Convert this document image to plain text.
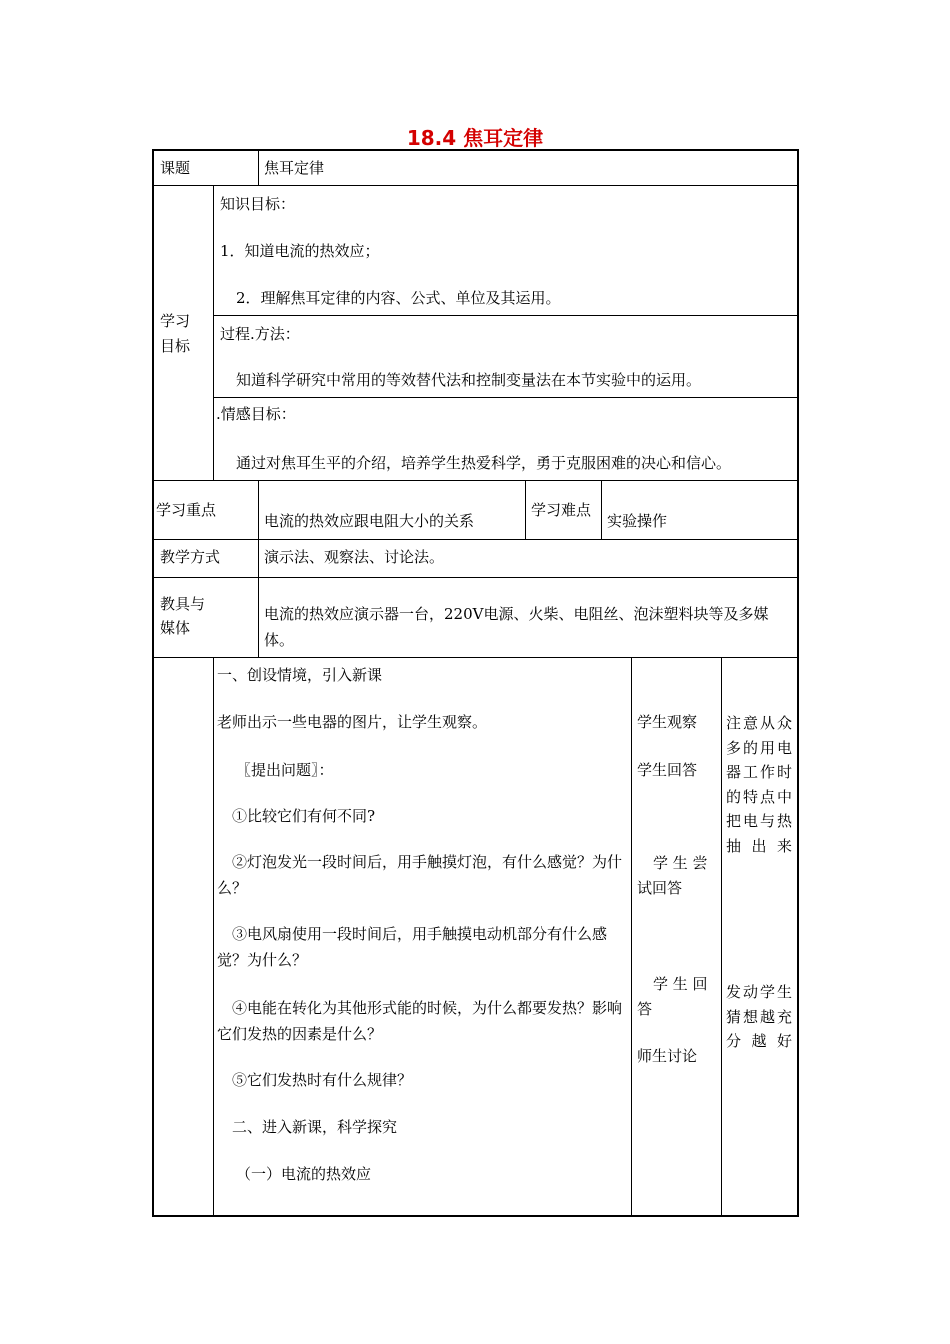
18.4 焦耳定律
课题	焦耳定律
学习
目标
知识目标：
1．知道电流的热效应；
2．理解焦耳定律的内容、公式、单位及其运用。
过程.方法：
知道科学研究中常用的等效替代法和控制变量法在本节实验中的运用。
.情感目标：
通过对焦耳生平的介绍，培养学生热爱科学，勇于克服困难的决心和信心。
学习重点
电流的热效应跟电阻大小的关系
学习难点
实验操作
教学方式	演示法、观察法、讨论法。
教具与
媒体
电流的热效应演示器一台，220V电源、火柴、电阻丝、泡沫塑料块等及多媒体。
一、创设情境，引入新课
老师出示一些电器的图片，让学生观察。
〖提出问题〗：
①比较它们有何不同?
②灯泡发光一段时间后，用手触摸灯泡，有什么感觉？为什么？
③电风扇使用一段时间后，用手触摸电动机部分有什么感觉？为什么？
④电能在转化为其他形式能的时候，为什么都要发热？影响它们发热的因素是什么？
⑤它们发热时有什么规律？
二、进入新课，科学探究
（一）电流的热效应
学生观察
学生回答
学 生 尝 试回答
学 生 回 答
师生讨论
注意从众多的用电器工作时的特点中把电与热抽出来
发动学生猜想越充分越好
